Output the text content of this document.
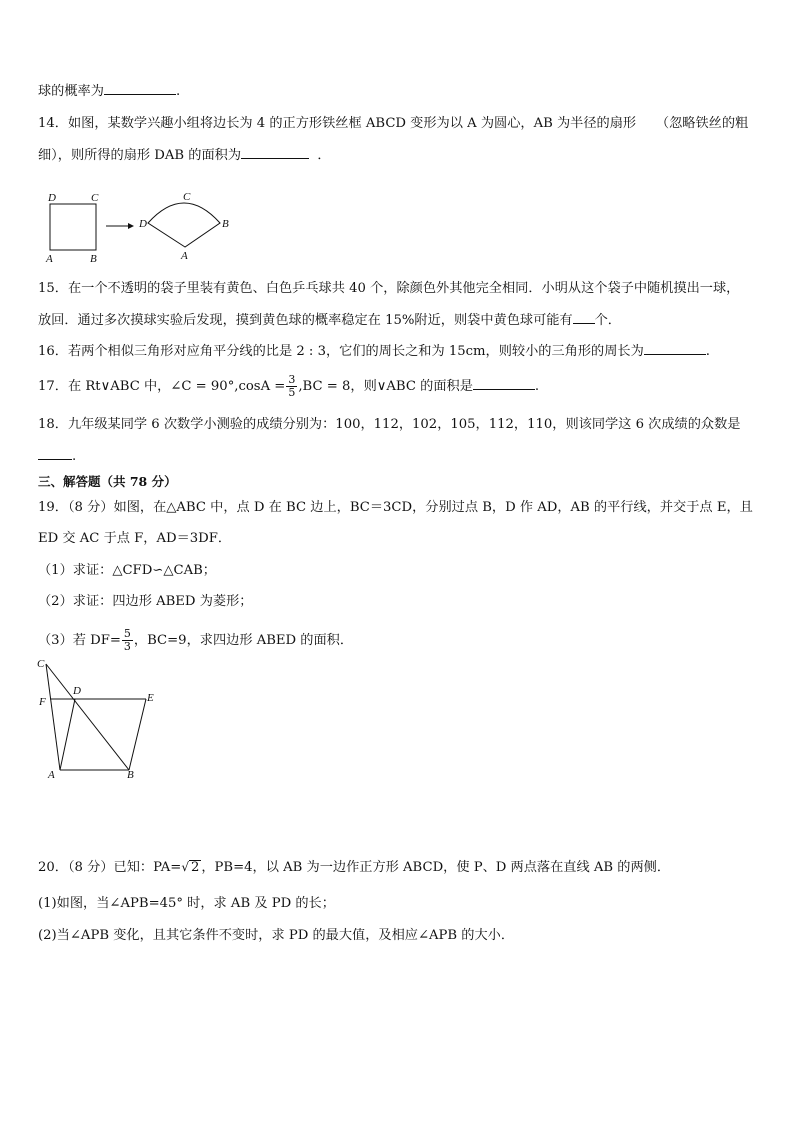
球的概率为	.
14．如图，某数学兴趣小组将边长为 4 的正方形铁丝框 ABCD 变形为以 A 为圆心，AB 为半径的扇形　　（忽略铁丝的粗
细），则所得的扇形 DAB 的面积为	．
D	C
A	B
C
D	B
A
15．在一个不透明的袋子里装有黄色、白色乒乓球共 40 个，除颜色外其他完全相同．小明从这个袋子中随机摸出一球，
放回．通过多次摸球实验后发现，摸到黄色球的概率稳定在 15%附近，则袋中黄色球可能有 个．
16．若两个相似三角形对应角平分线的比是 2 : 3，它们的周长之和为 15cm，则较小的三角形的周长为	.
17．在 Rt∨ABC 中，∠C = $90^\circ,\cos A = \frac{3}{5} ,BC = 8$，则∨ABC 的面积是	.
18．九年级某同学 6 次数学小测验的成绩分别为：100，112，102，105，112，110，则该同学这 6 次成绩的众数是
.
三、解答题（共 78 分）
19．（8 分）如图，在△ABC 中，点 D 在 BC 边上，BC＝3CD，分别过点 B，D 作 AD，AB 的平行线，并交于点 E，且
ED 交 AC 于点 F，AD＝3DF．
（1）求证：△CFD∽△CAB；
（2）求证：四边形 ABED 为菱形；
（3）若 $DF= \frac{5}{3}$ ，BC=9，求四边形 ABED 的面积．
C
D
F	E
A	B
20．（8 分）已知：PA=√ 2 ，PB=4，以 AB 为一边作正方形 ABCD，使 P、D 两点落在直线 AB 的两侧．
(1)如图，当∠APB=45° 时，求 AB 及 PD 的长；
(2)当∠APB 变化，且其它条件不变时，求 PD 的最大值，及相应∠APB 的大小．
